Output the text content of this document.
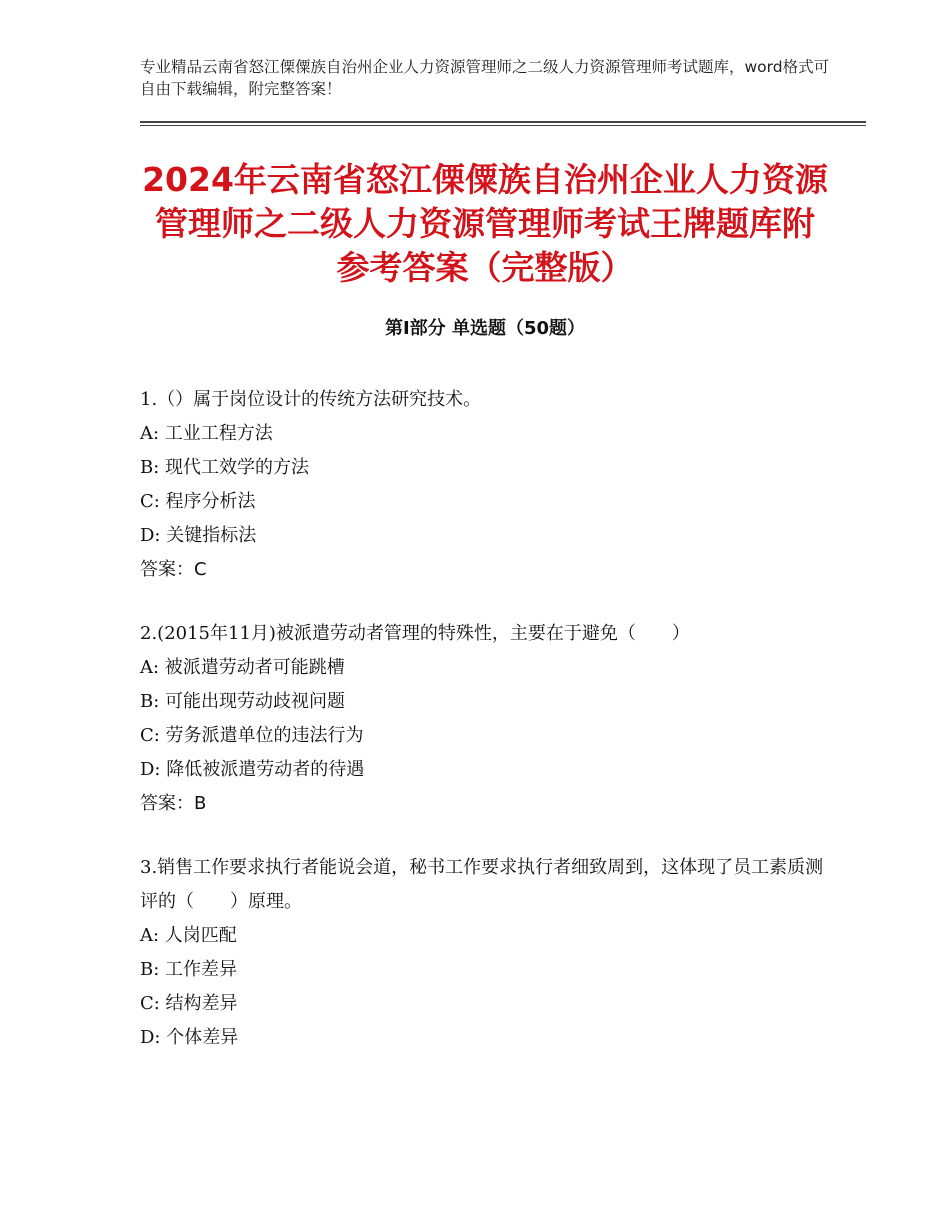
专业精品云南省怒江傈僳族自治州企业人力资源管理师之二级人力资源管理师考试题库，word格式可自由下载编辑，附完整答案！
2024年云南省怒江傈僳族自治州企业人力资源管理师之二级人力资源管理师考试王牌题库附参考答案（完整版）
第Ⅰ部分 单选题（50题）
1.（）属于岗位设计的传统方法研究技术。
A: 工业工程方法
B: 现代工效学的方法
C: 程序分析法
D: 关键指标法
答案：C
2.(2015年11月)被派遣劳动者管理的特殊性，主要在于避免（　　）
A: 被派遣劳动者可能跳槽
B: 可能出现劳动歧视问题
C: 劳务派遣单位的违法行为
D: 降低被派遣劳动者的待遇
答案：B
3.销售工作要求执行者能说会道，秘书工作要求执行者细致周到，这体现了员工素质测评的（　　）原理。
A: 人岗匹配
B: 工作差异
C: 结构差异
D: 个体差异
